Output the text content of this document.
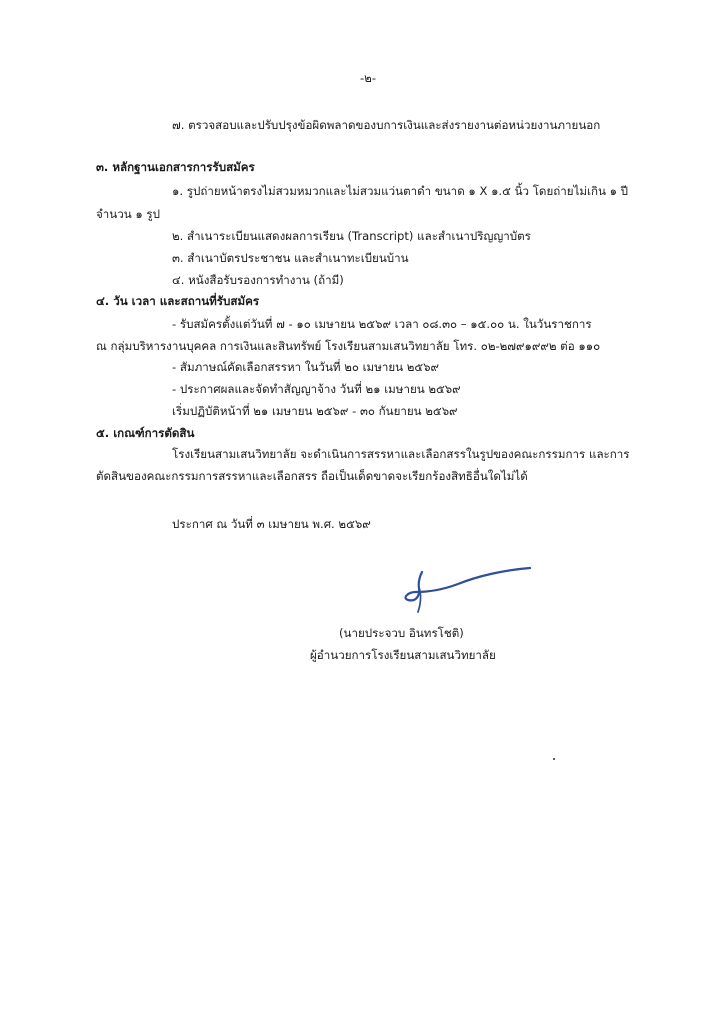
-๒-
๗. ตรวจสอบและปรับปรุงข้อผิดพลาดของบการเงินและส่งรายงานต่อหน่วยงานภายนอก
๓. หลักฐานเอกสารการรับสมัคร
๑. รูปถ่ายหน้าตรงไม่สวมหมวกและไม่สวมแว่นตาดำ ขนาด ๑ X ๑.๕ นิ้ว โดยถ่ายไม่เกิน ๑ ปี
จำนวน ๑ รูป
๒. สำเนาระเบียนแสดงผลการเรียน (Transcript) และสำเนาปริญญาบัตร
๓. สำเนาบัตรประชาชน และสำเนาทะเบียนบ้าน
๔. หนังสือรับรองการทำงาน (ถ้ามี)
๔. วัน เวลา และสถานที่รับสมัคร
- รับสมัครตั้งแต่วันที่ ๗ - ๑๐ เมษายน ๒๕๖๙ เวลา ๐๘.๓๐ – ๑๕.๐๐ น. ในวันราชการ
ณ กลุ่มบริหารงานบุคคล การเงินและสินทรัพย์ โรงเรียนสามเสนวิทยาลัย โทร. ๐๒-๒๗๙๑๙๙๒ ต่อ ๑๑๐
- สัมภาษณ์คัดเลือกสรรหา ในวันที่ ๒๐ เมษายน ๒๕๖๙
- ประกาศผลและจัดทำสัญญาจ้าง วันที่ ๒๑ เมษายน ๒๕๖๙
เริ่มปฏิบัติหน้าที่ ๒๑ เมษายน ๒๕๖๙ - ๓๐ กันยายน ๒๕๖๙
๕. เกณฑ์การตัดสิน
โรงเรียนสามเสนวิทยาลัย จะดำเนินการสรรหาและเลือกสรรในรูปของคณะกรรมการ และการ
ตัดสินของคณะกรรมการสรรหาและเลือกสรร ถือเป็นเด็ดขาดจะเรียกร้องสิทธิอื่นใดไม่ได้
ประกาศ ณ วันที่ ๓ เมษายน พ.ศ. ๒๕๖๙
(นายประจวบ อินทรโชติ)
ผู้อำนวยการโรงเรียนสามเสนวิทยาลัย
